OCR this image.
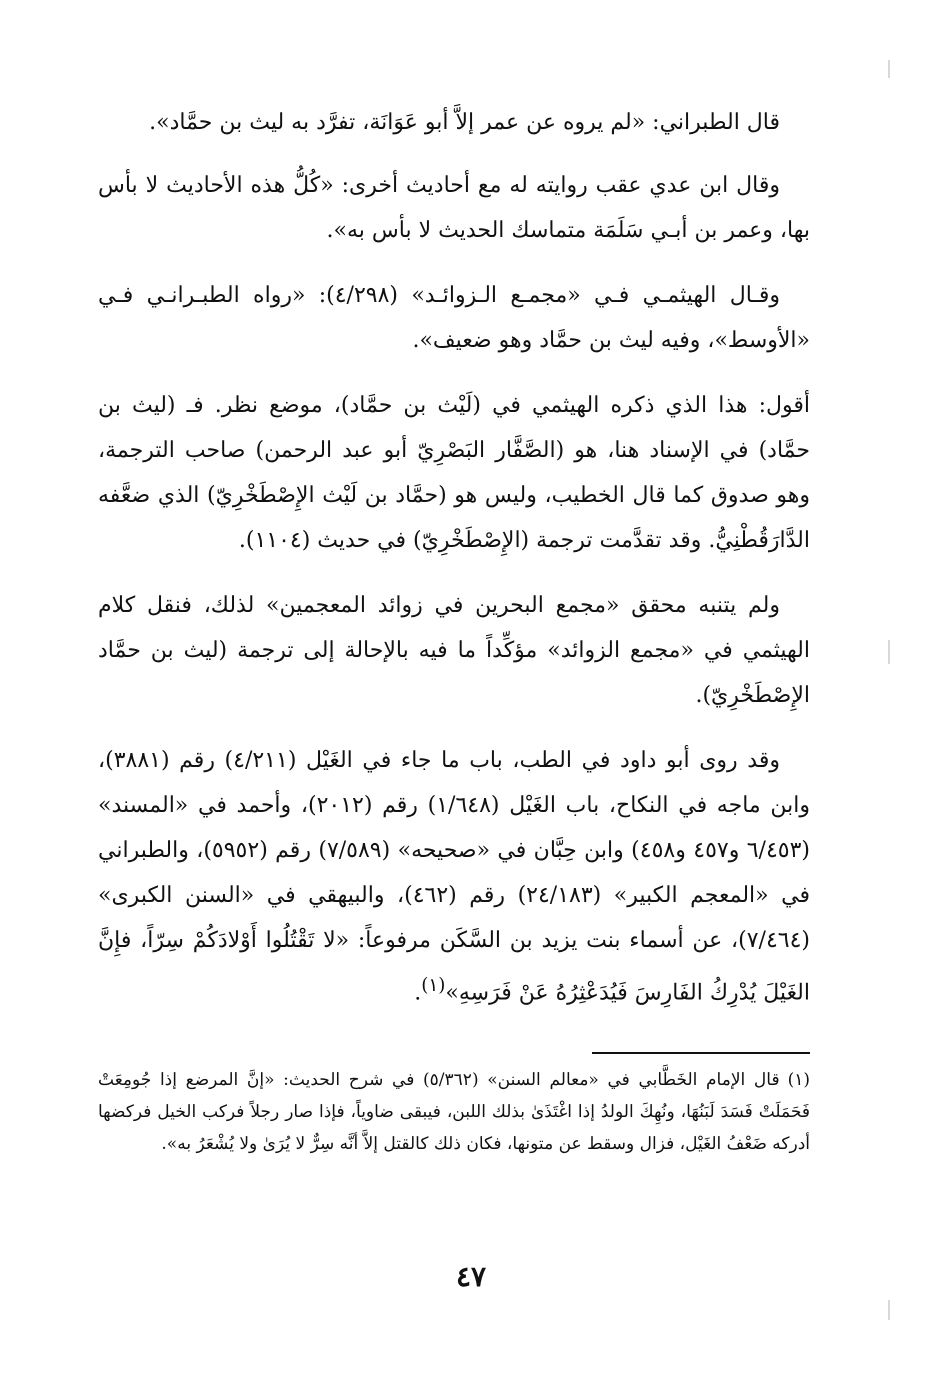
قال الطبراني: «لم يروه عن عمر إلاَّ أبو عَوَانَة، تفرَّد به ليث بن حمَّاد».

وقال ابن عدي عقب روايته له مع أحاديث أخرى: «كُلُّ هذه الأحاديث لا بأس بها، وعمر بن أبـي سَلَمَة متماسك الحديث لا بأس به».

وقـال الهيثمـي فـي «مجمـع الـزوائـد» (٤/٢٩٨): «رواه الطبـرانـي فـي «الأوسط»، وفيه ليث بن حمَّاد وهو ضعيف».

أقول: هذا الذي ذكره الهيثمي في (لَيْث بن حمَّاد)، موضع نظر. فـ (ليث بن حمَّاد) في الإسناد هنا، هو (الصَّفَّار البَصْرِيّ أبو عبد الرحمن) صاحب الترجمة، وهو صدوق كما قال الخطيب، وليس هو (حمَّاد بن لَيْث الإِصْطَخْرِيّ) الذي ضعَّفه الدَّارَقُطْنِيُّ. وقد تقدَّمت ترجمة (الإِصْطَخْرِيّ) في حديث (١١٠٤).

ولم يتنبه محقق «مجمع البحرين في زوائد المعجمين» لذلك، فنقل كلام الهيثمي في «مجمع الزوائد» مؤكِّداً ما فيه بالإحالة إلى ترجمة (ليث بن حمَّاد الإِصْطَخْرِيّ).

وقد روى أبو داود في الطب، باب ما جاء في الغَيْل (٤/٢١١) رقم (٣٨٨١)، وابن ماجه في النكاح، باب الغَيْل (١/٦٤٨) رقم (٢٠١٢)، وأحمد في «المسند» (٦/٤٥٣ و٤٥٧ و٤٥٨) وابن حِبَّان في «صحيحه» (٧/٥٨٩) رقم (٥٩٥٢)، والطبراني في «المعجم الكبير» (٢٤/١٨٣) رقم (٤٦٢)، والبيهقي في «السنن الكبرى» (٧/٤٦٤)، عن أسماء بنت يزيد بن السَّكَن مرفوعاً: «لا تَقْتُلُوا أَوْلادَكُمْ سِرّاً، فإِنَّ الغَيْلَ يُدْرِكُ الفَارِسَ فَيُدَعْثِرُهُ عَنْ فَرَسِهِ»$^{(١)}$.

(١)قال الإمام الخَطَّابي في «معالم السنن» (٥/٣٦٢) في شرح الحديث: «إنَّ المرضع إذا جُومِعَتْ فَحَمَلَتْ فَسَدَ لَبَنُهَا، ونُهِكَ الولدُ إذا اغْتَذَىٰ بذلك اللبن، فيبقى ضاوياً، فإذا صار رجلاً فركب الخيل فركضها أدركه ضَعْفُ الغَيْل، فزال وسقط عن متونها، فكان ذلك كالقتل إلاَّ أنَّه سِرٌّ لا يُرَىٰ ولا يُشْعَرُ به».
٤٧
